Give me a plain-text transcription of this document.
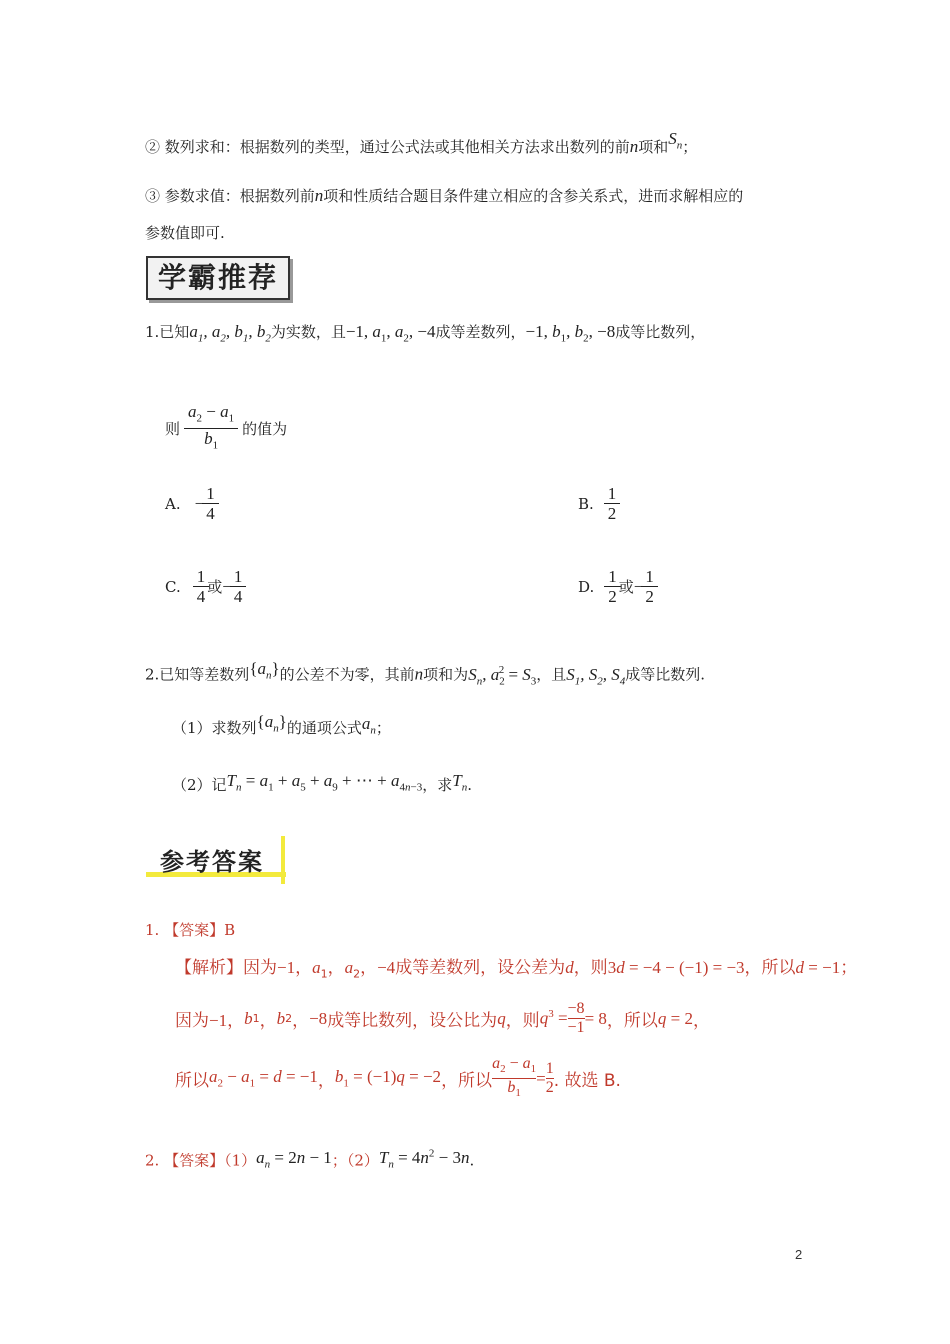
② 数列求和：根据数列的类型，通过公式法或其他相关方法求出数列的前n项和$S_n$；
③ 参数求值：根据数列前n项和性质结合题目条件建立相应的含参关系式，进而求解相应的
参数值即可.
学霸推荐
1.已知$a_1$, $a_2$, $b_1$, $b_2$为实数，且−1, $a_1$, $a_2$, −4成等差数列，−1, $b_1$, $b_2$, −8成等比数列，
则 $\frac{a_2 - a_1}{b_1}$ 的值为
A. − $\frac{1}{4}$	B. $\frac{1}{2}$
C. $\frac{1}{4}$ 或 − $\frac{1}{4}$	D. $\frac{1}{2}$ 或 − $\frac{1}{2}$
2.已知等差数列$\{a_n\}$的公差不为零，其前n项和为$S_n$, $a_2^2 = S_3$，且$S_1$, $S_2$, $S_4$成等比数列.
（1）求数列$\{a_n\}$的通项公式$a_n$；
（2）记$T_n = a_1 + a_5 + a_9$ + ⋯ + $a_{4n-3}$，求$T_n$.
参考答案
1. 【答案】B
【解析】因为−1，$a_1$，$a_2$，−4成等差数列，设公差为d，则3d = −4 − (−1) = −3，所以d = −1；
因为 −1， b 1 ， b 2 ， −8 成等比数列，设公比为 q ，则 $q^3 = \frac{-8}{-1} = 8$ ，所以 q = 2 ，
所以 $a_2 - a_1 = d = -1$ ， $b_1 = (-1)q = -2$ ，所以 $\frac{a_2 - a_1}{b_1} = \frac{1}{2}$ . 故选 B.
2. 【答案】$(1)a_n = 2n - 1$；$(2)T_n = 4n^2 - 3n$.
2
